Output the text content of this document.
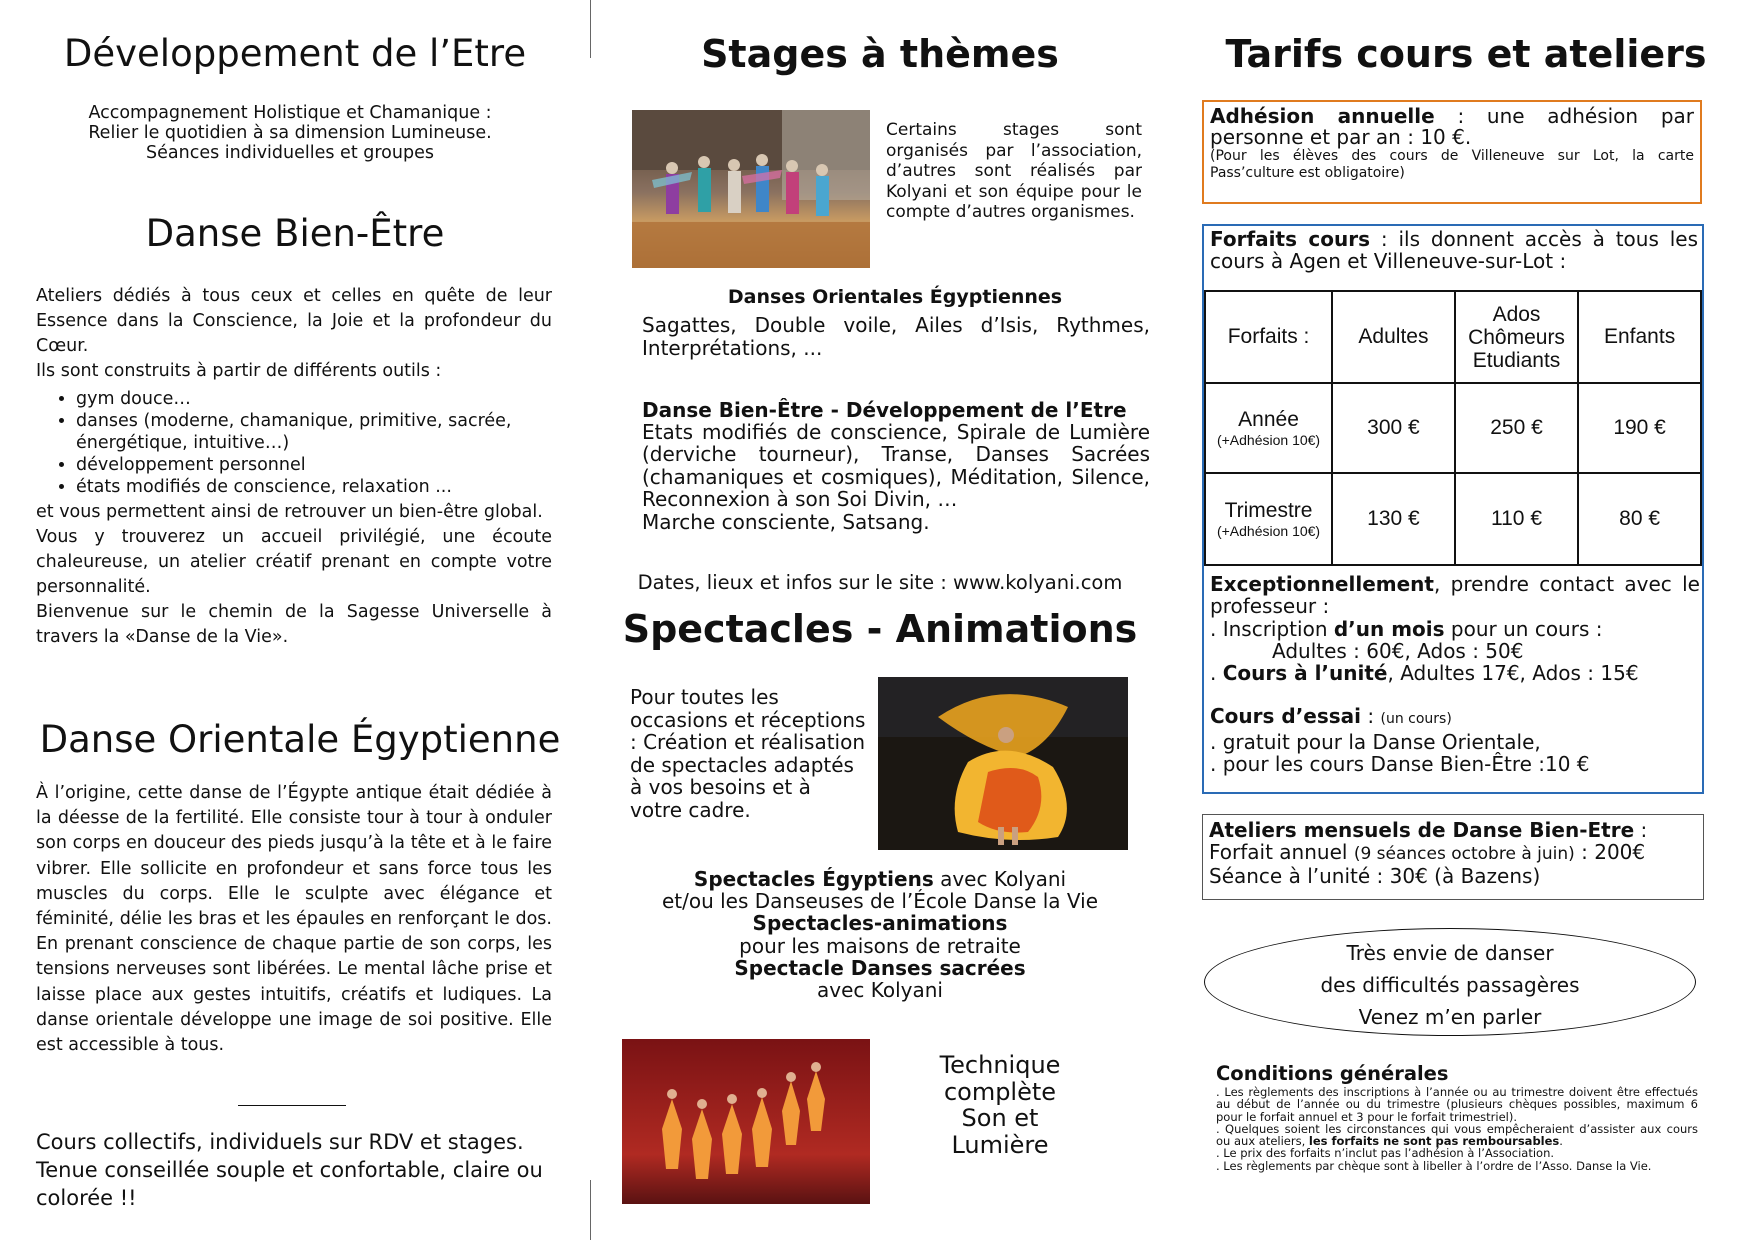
Développement de l’Etre
Accompagnement Holistique et Chamanique :
Relier le quotidien à sa dimension Lumineuse.
Séances individuelles et groupes
Danse Bien-Être
Ateliers dédiés à tous ceux et celles en quête de leur Essence dans la Conscience, la Joie et la profondeur du Cœur.
Ils sont construits à partir de différents outils :
• gym douce…
• danses (moderne, chamanique, primitive, sacrée, énergétique, intuitive…)
• développement personnel
• états modifiés de conscience, relaxation ...
et vous permettent ainsi de retrouver un bien-être global.
Vous y trouverez un accueil privilégié, une écoute chaleureuse, un atelier créatif prenant en compte votre personnalité.
Bienvenue sur le chemin de la Sagesse Universelle à travers la «Danse de la Vie».
Danse Orientale Égyptienne
À l’origine, cette danse de l’Égypte antique était dédiée à la déesse de la fertilité. Elle consiste tour à tour à onduler son corps en douceur des pieds jusqu’à la tête et à le faire vibrer. Elle sollicite en profondeur et sans force tous les muscles du corps. Elle le sculpte avec élégance et féminité, délie les bras et les épaules en renforçant le dos. En prenant conscience de chaque partie de son corps, les tensions nerveuses sont libérées. Le mental lâche prise et laisse place aux gestes intuitifs, créatifs et ludiques. La danse orientale développe une image de soi positive. Elle est accessible à tous.
Cours collectifs, individuels sur RDV et stages.
Tenue conseillée souple et confortable, claire ou colorée !!
Stages à thèmes
Certains stages sont organisés par l’association, d’autres sont réalisés par Kolyani et son équipe pour le compte d’autres organismes.
Danses Orientales Égyptiennes
Sagattes, Double voile, Ailes d’Isis, Rythmes, Interprétations, ...
Danse Bien-Être - Développement de l’Etre
Etats modifiés de conscience, Spirale de Lumière (derviche tourneur), Transe, Danses Sacrées (chamaniques et cosmiques), Méditation, Silence, Reconnexion à son Soi Divin, …
Marche consciente, Satsang.
Dates, lieux et infos sur le site : www.kolyani.com
Spectacles - Animations
Pour toutes les occasions et réceptions : Création et réalisation de spectacles adaptés à vos besoins et à votre cadre.
Spectacles Égyptiens avec Kolyani
et/ou les Danseuses de l’École Danse la Vie
Spectacles-animations
pour les maisons de retraite
Spectacle Danses sacrées
avec Kolyani
Technique
complète
Son et
Lumière
Tarifs cours et ateliers
Adhésion annuelle : une adhésion par personne et par an : 10 €.
(Pour les élèves des cours de Villeneuve sur Lot, la carte Pass’culture est obligatoire)
Forfaits cours : ils donnent accès à tous les cours à Agen et Villeneuve-sur-Lot :
Forfaits :	Adultes	Ados
Chômeurs
Etudiants	Enfants
Année
(+Adhésion 10€)	300 €	250 €	190 €
Trimestre
(+Adhésion 10€)	130 €	110 €	80 €
Exceptionnellement, prendre contact avec le professeur :
. Inscription d’un mois pour un cours :
Adultes : 60€, Ados : 50€
. Cours à l’unité, Adultes 17€, Ados : 15€
Cours d’essai : (un cours)
. gratuit pour la Danse Orientale,
. pour les cours Danse Bien-Être :10 €
Ateliers mensuels de Danse Bien-Etre :
Forfait annuel (9 séances octobre à juin) : 200€
Séance à l’unité : 30€ (à Bazens)
Très envie de danser
des difficultés passagères
Venez m’en parler
Conditions générales
. Les règlements des inscriptions à l’année ou au trimestre doivent être effectués au début de l’année ou du trimestre (plusieurs chèques possibles, maximum 6 pour le forfait annuel et 3 pour le forfait trimestriel).
. Quelques soient les circonstances qui vous empêcheraient d’assister aux cours ou aux ateliers, les forfaits ne sont pas remboursables.
. Le prix des forfaits n’inclut pas l’adhésion à l’Association.
. Les règlements par chèque sont à libeller à l’ordre de l’Asso. Danse la Vie.
